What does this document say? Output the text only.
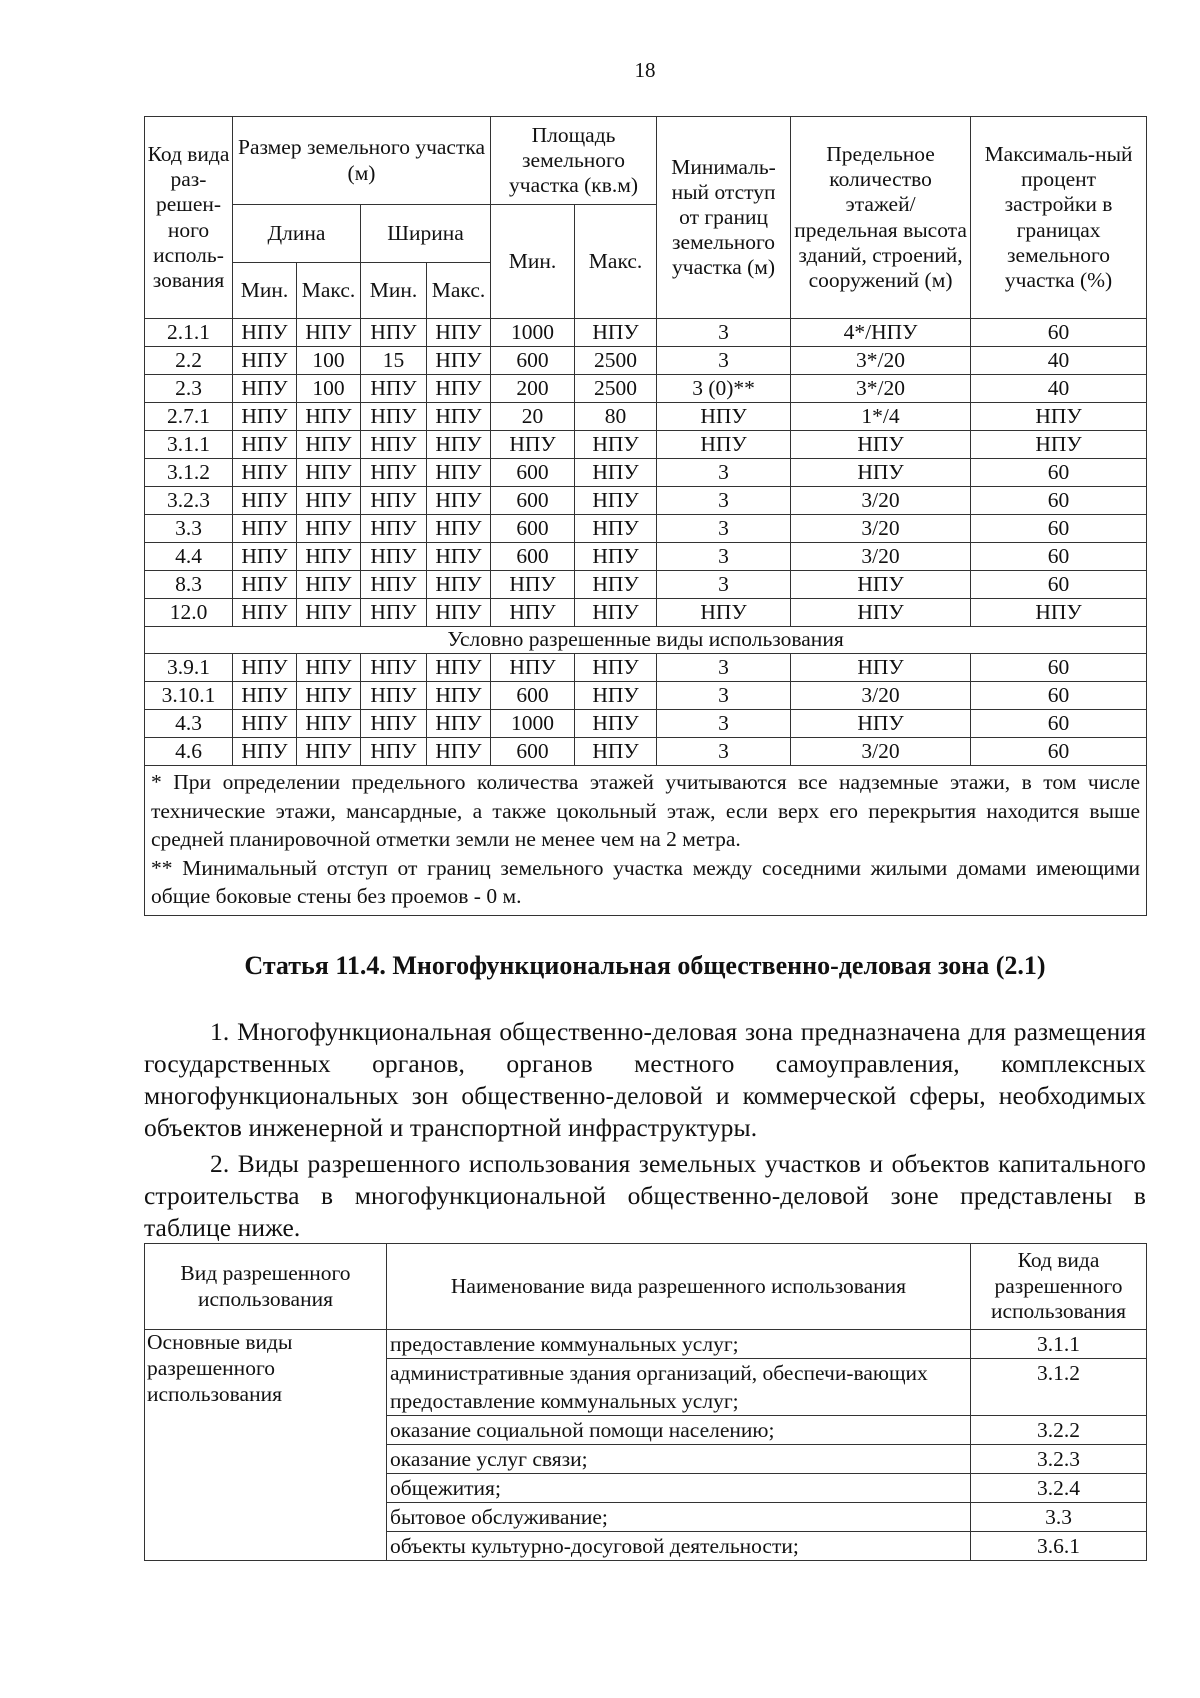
18
Код вида раз-решен-ного исполь-зования	Размер земельного участка (м)				Площадь земельного участка (кв.м)		Минималь-ный отступ от границ земельного участка (м)	Предельное количество этажей/ предельная высота зданий, строений, сооружений (м)	Максималь-ный процент застройки в границах земельного участка (%)
	Длина		Ширина		Мин.	Макс.			
	Мин.	Макс.	Мин.	Макс.					
2.1.1	НПУ	НПУ	НПУ	НПУ	1000	НПУ	3	4*/НПУ	60
2.2	НПУ	100	15	НПУ	600	2500	3	3*/20	40
2.3	НПУ	100	НПУ	НПУ	200	2500	3 (0)**	3*/20	40
2.7.1	НПУ	НПУ	НПУ	НПУ	20	80	НПУ	1*/4	НПУ
3.1.1	НПУ	НПУ	НПУ	НПУ	НПУ	НПУ	НПУ	НПУ	НПУ
3.1.2	НПУ	НПУ	НПУ	НПУ	600	НПУ	3	НПУ	60
3.2.3	НПУ	НПУ	НПУ	НПУ	600	НПУ	3	3/20	60
3.3	НПУ	НПУ	НПУ	НПУ	600	НПУ	3	3/20	60
4.4	НПУ	НПУ	НПУ	НПУ	600	НПУ	3	3/20	60
8.3	НПУ	НПУ	НПУ	НПУ	НПУ	НПУ	3	НПУ	60
12.0	НПУ	НПУ	НПУ	НПУ	НПУ	НПУ	НПУ	НПУ	НПУ
Условно разрешенные виды использования									
3.9.1	НПУ	НПУ	НПУ	НПУ	НПУ	НПУ	3	НПУ	60
3.10.1	НПУ	НПУ	НПУ	НПУ	600	НПУ	3	3/20	60
4.3	НПУ	НПУ	НПУ	НПУ	1000	НПУ	3	НПУ	60
4.6	НПУ	НПУ	НПУ	НПУ	600	НПУ	3	3/20	60

* При определении предельного количества этажей учитываются все надземные этажи, в том числе технические этажи, мансардные, а также цокольный этаж, если верх его перекрытия находится выше средней планировочной отметки земли не менее чем на 2 метра.
** Минимальный отступ от границ земельного участка между соседними жилыми домами имеющими общие боковые стены без проемов - 0 м.									
Статья 11.4. Многофункциональная общественно-деловая зона (2.1)

1. Многофункциональная общественно-деловая зона предназначена для размещения государственных органов, органов местного самоуправления, комплексных многофункциональных зон общественно-деловой и коммерческой сферы, необходимых объектов инженерной и транспортной инфраструктуры.

2. Виды разрешенного использования земельных участков и объектов капитального строительства в многофункциональной общественно-деловой зоне представлены в таблице ниже.

Вид разрешенного использования	Наименование вида разрешенного использования	Код вида разрешенного использования
Основные виды разрешенного использования	предоставление коммунальных услуг;	3.1.1
	административные здания организаций, обеспечи-вающих предоставление коммунальных услуг;	3.1.2
	оказание социальной помощи населению;	3.2.2
	оказание услуг связи;	3.2.3
	общежития;	3.2.4
	бытовое обслуживание;	3.3
	объекты культурно-досуговой деятельности;	3.6.1
